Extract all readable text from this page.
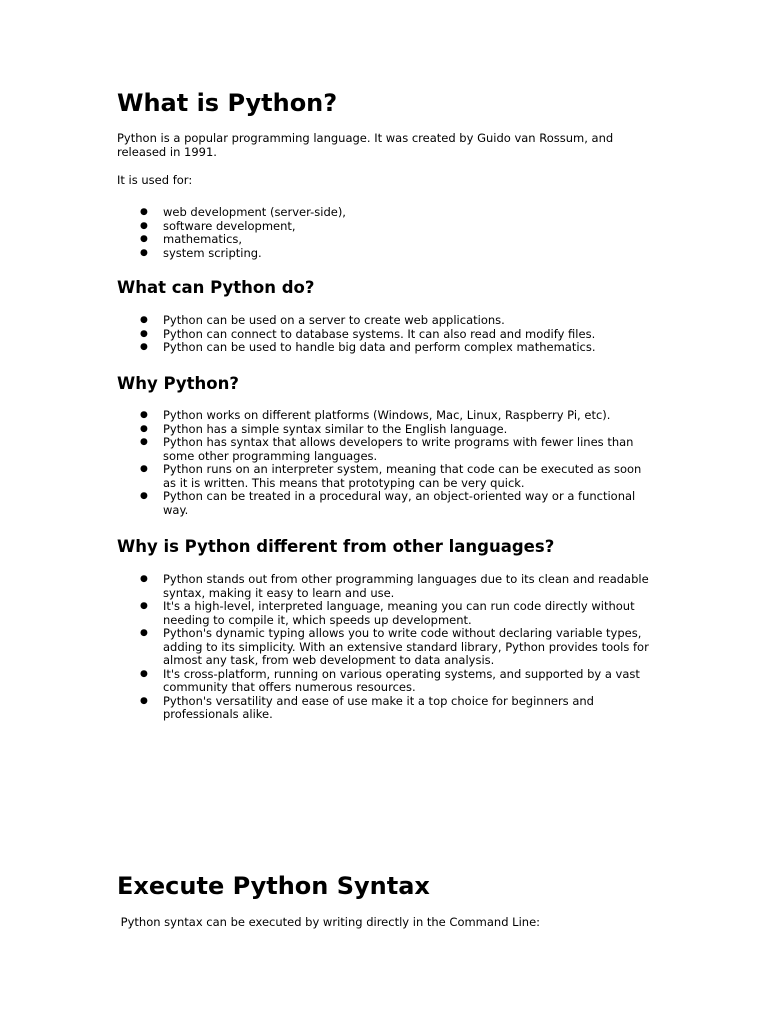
What is Python?

Python is a popular programming language. It was created by Guido van Rossum, and released in 1991.

It is used for:

● web development (server-side),
● software development,
● mathematics,
● system scripting.
What can Python do?
● Python can be used on a server to create web applications.
● Python can connect to database systems. It can also read and modify files.
● Python can be used to handle big data and perform complex mathematics.
Why Python?
● Python works on different platforms (Windows, Mac, Linux, Raspberry Pi, etc).
● Python has a simple syntax similar to the English language.
● Python has syntax that allows developers to write programs with fewer lines than some other programming languages.
● Python runs on an interpreter system, meaning that code can be executed as soon as it is written. This means that prototyping can be very quick.
● Python can be treated in a procedural way, an object-oriented way or a functional way.
Why is Python different from other languages?
● Python stands out from other programming languages due to its clean and readable syntax, making it easy to learn and use.
● It's a high-level, interpreted language, meaning you can run code directly without needing to compile it, which speeds up development.
● Python's dynamic typing allows you to write code without declaring variable types, adding to its simplicity. With an extensive standard library, Python provides tools for almost any task, from web development to data analysis.
● It's cross-platform, running on various operating systems, and supported by a vast community that offers numerous resources.
● Python's versatility and ease of use make it a top choice for beginners and professionals alike.
Execute Python Syntax

Python syntax can be executed by writing directly in the Command Line:
